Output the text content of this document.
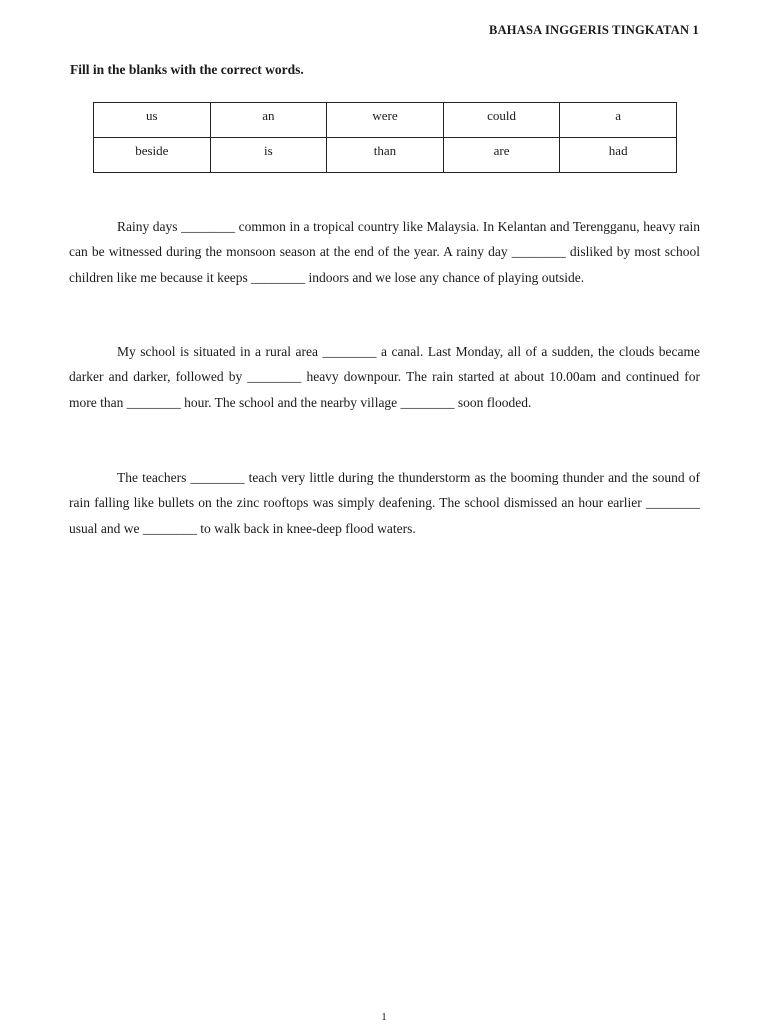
BAHASA INGGERIS TINGKATAN 1
Fill in the blanks with the correct words.
us	an	were	could	a
beside	is	than	are	had

Rainy days ________ common in a tropical country like Malaysia. In Kelantan and Terengganu, heavy rain can be witnessed during the monsoon season at the end of the year. A rainy day ________ disliked by most school children like me because it keeps ________ indoors and we lose any chance of playing outside.

My school is situated in a rural area ________ a canal. Last Monday, all of a sudden, the clouds became darker and darker, followed by ________ heavy downpour. The rain started at about 10.00am and continued for more than ________ hour. The school and the nearby village ________ soon flooded.

The teachers ________ teach very little during the thunderstorm as the booming thunder and the sound of rain falling like bullets on the zinc rooftops was simply deafening. The school dismissed an hour earlier ________ usual and we ________ to walk back in knee-deep flood waters.

1
